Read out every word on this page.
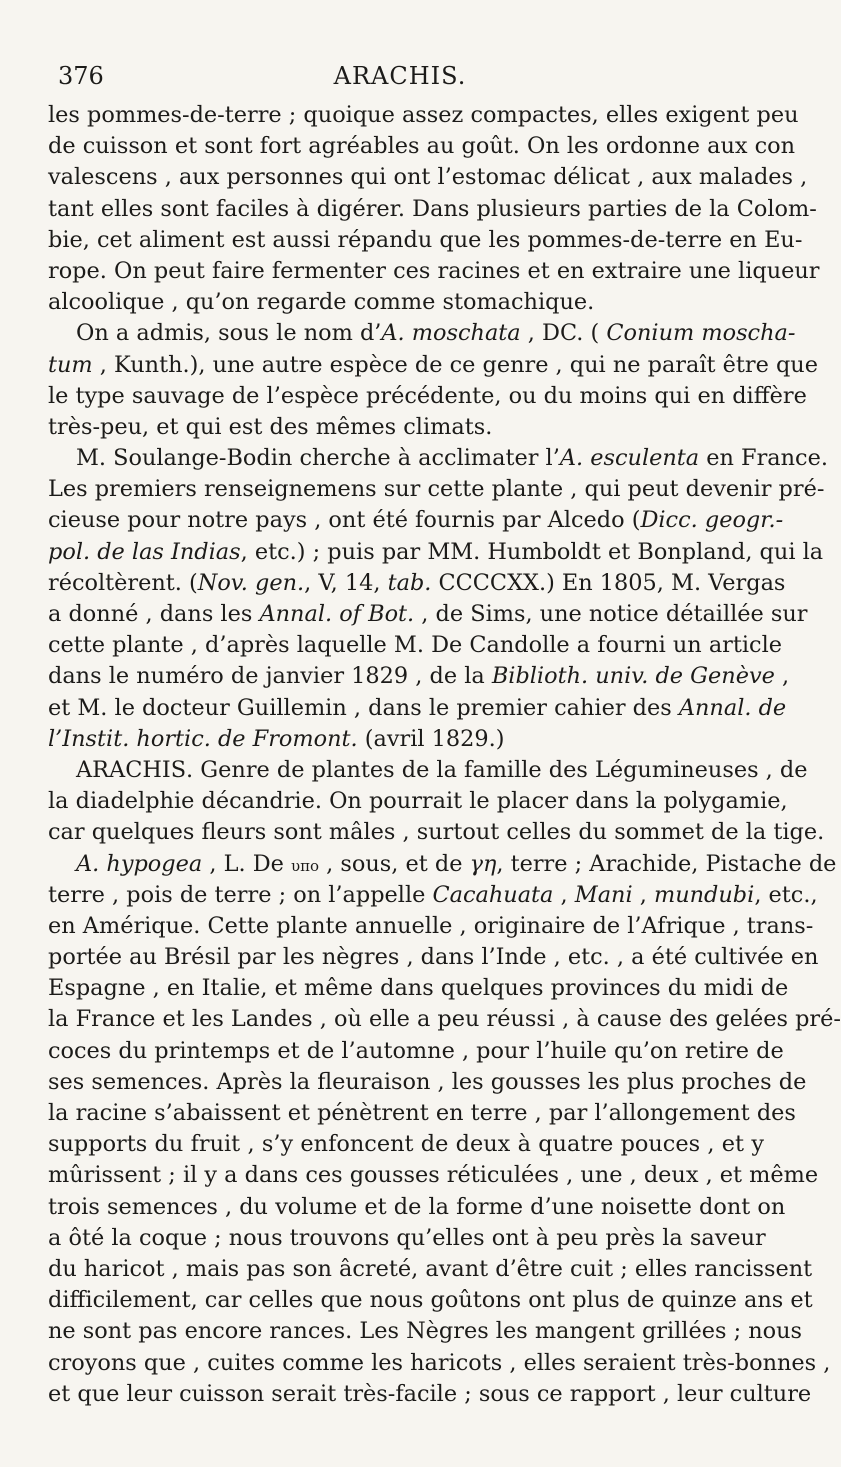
376	ARACHIS.
les pommes-de-terre ; quoique assez compactes, elles exigent peu
de cuisson et sont fort agréables au goût. On les ordonne aux con
valescens , aux personnes qui ont l’estomac délicat , aux malades ,
tant elles sont faciles à digérer. Dans plusieurs parties de la Colom-
bie, cet aliment est aussi répandu que les pommes-de-terre en Eu-
rope. On peut faire fermenter ces racines et en extraire une liqueur
alcoolique , qu’on regarde comme stomachique.
On a admis, sous le nom d’A. moschata , DC. ( Conium moscha-
tum , Kunth.), une autre espèce de ce genre , qui ne paraît être que
le type sauvage de l’espèce précédente, ou du moins qui en diffère
très-peu, et qui est des mêmes climats.
M. Soulange-Bodin cherche à acclimater l’A. esculenta en France.
Les premiers renseignemens sur cette plante , qui peut devenir pré-
cieuse pour notre pays , ont été fournis par Alcedo (Dicc. geogr.-
pol. de las Indias, etc.) ; puis par MM. Humboldt et Bonpland, qui la
récoltèrent. (Nov. gen., V, 14, tab. CCCCXX.) En 1805, M. Vergas
a donné , dans les Annal. of Bot. , de Sims, une notice détaillée sur
cette plante , d’après laquelle M. De Candolle a fourni un article
dans le numéro de janvier 1829 , de la Biblioth. univ. de Genève ,
et M. le docteur Guillemin , dans le premier cahier des Annal. de
l’Instit. hortic. de Fromont. (avril 1829.)
ARACHIS. Genre de plantes de la famille des Légumineuses , de
la diadelphie décandrie. On pourrait le placer dans la polygamie,
car quelques fleurs sont mâles , surtout celles du sommet de la tige.
A. hypogea , L. De υπο , sous, et de γη, terre ; Arachide, Pistache de
terre , pois de terre ; on l’appelle Cacahuata , Mani , mundubi, etc.,
en Amérique. Cette plante annuelle , originaire de l’Afrique , trans-
portée au Brésil par les nègres , dans l’Inde , etc. , a été cultivée en
Espagne , en Italie, et même dans quelques provinces du midi de
la France et les Landes , où elle a peu réussi , à cause des gelées pré-
coces du printemps et de l’automne , pour l’huile qu’on retire de
ses semences. Après la fleuraison , les gousses les plus proches de
la racine s’abaissent et pénètrent en terre , par l’allongement des
supports du fruit , s’y enfoncent de deux à quatre pouces , et y
mûrissent ; il y a dans ces gousses réticulées , une , deux , et même
trois semences , du volume et de la forme d’une noisette dont on
a ôté la coque ; nous trouvons qu’elles ont à peu près la saveur
du haricot , mais pas son âcreté, avant d’être cuit ; elles rancissent
difficilement, car celles que nous goûtons ont plus de quinze ans et
ne sont pas encore rances. Les Nègres les mangent grillées ; nous
croyons que , cuites comme les haricots , elles seraient très-bonnes ,
et que leur cuisson serait très-facile ; sous ce rapport , leur culture
